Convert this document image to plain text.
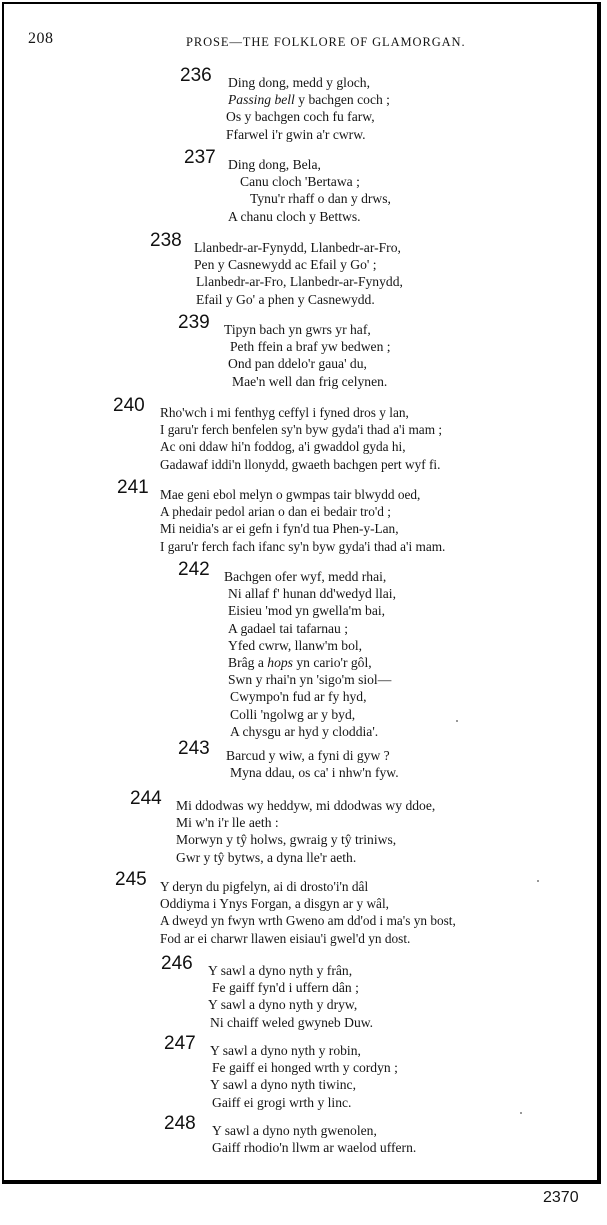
208	PROSE—THE FOLKLORE OF GLAMORGAN.
236 Ding dong, medd y gloch,
Passing bell y bachgen coch ;
Os y bachgen coch fu farw,
Ffarwel i'r gwin a'r cwrw.
237 Ding dong, Bela,
Canu cloch 'Bertawa ;
Tynu'r rhaff o dan y drws,
A chanu cloch y Bettws.
238 Llanbedr-ar-Fynydd, Llanbedr-ar-Fro,
Pen y Casnewydd ac Efail y Go' ;
Llanbedr-ar-Fro, Llanbedr-ar-Fynydd,
Efail y Go' a phen y Casnewydd.
239 Tipyn bach yn gwrs yr haf,
Peth ffein a braf yw bedwen ;
Ond pan ddelo'r gaua' du,
Mae'n well dan frig celynen.
240 Rho'wch i mi fenthyg ceffyl i fyned dros y lan,
I garu'r ferch benfelen sy'n byw gyda'i thad a'i mam ;
Ac oni ddaw hi'n foddog, a'i gwaddol gyda hi,
Gadawaf iddi'n llonydd, gwaeth bachgen pert wyf fi.
241 Mae geni ebol melyn o gwmpas tair blwydd oed,
A phedair pedol arian o dan ei bedair tro'd ;
Mi neidia's ar ei gefn i fyn'd tua Phen-y-Lan,
I garu'r ferch fach ifanc sy'n byw gyda'i thad a'i mam.
242 Bachgen ofer wyf, medd rhai,
Ni allaf f' hunan dd'wedyd llai,
Eisieu 'mod yn gwella'm bai,
A gadael tai tafarnau ;
Yfed cwrw, llanw'm bol,
Brâg a hops yn cario'r gôl,
Swn y rhai'n yn 'sigo'm siol—
Cwympo'n fud ar fy hyd,
Colli 'ngolwg ar y byd,
A chysgu ar hyd y cloddia'.
243 Barcud y wiw, a fyni di gyw ?
Myna ddau, os ca' i nhw'n fyw.
244 Mi ddodwas wy heddyw, mi ddodwas wy ddoe,
Mi w'n i'r lle aeth :
Morwyn y tŷ holws, gwraig y tŷ triniws,
Gwr y tŷ bytws, a dyna lle'r aeth.
245 Y deryn du pigfelyn, ai di drosto'i'n dâl
Oddiyma i Ynys Forgan, a disgyn ar y wâl,
A dweyd yn fwyn wrth Gweno am dd'od i ma's yn bost,
Fod ar ei charwr llawen eisiau'i gwel'd yn dost.
246 Y sawl a dyno nyth y frân,
Fe gaiff fyn'd i uffern dân ;
Y sawl a dyno nyth y dryw,
Ni chaiff weled gwyneb Duw.
247 Y sawl a dyno nyth y robin,
Fe gaiff ei honged wrth y cordyn ;
Y sawl a dyno nyth tiwinc,
Gaiff ei grogi wrth y linc.
248 Y sawl a dyno nyth gwenolen,
Gaiff rhodio'n llwm ar waelod uffern.
2370
